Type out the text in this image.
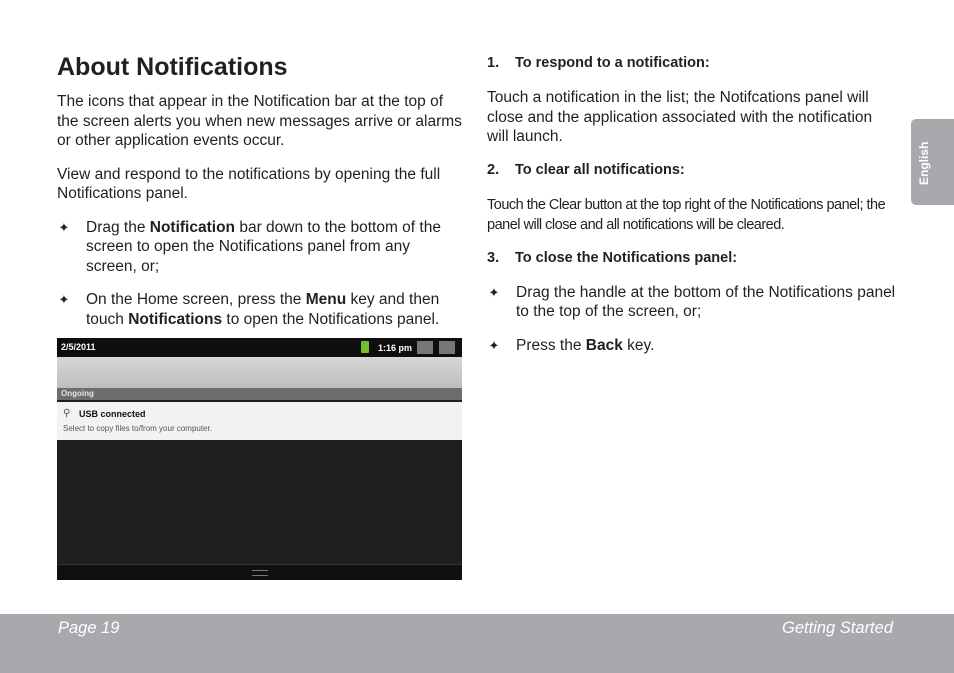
About Notifications

The icons that appear in the Notification bar at the top of the screen alerts you when new messages arrive or alarms or other application events occur.

View and respond to the notifications by opening the full Notifications panel.

✦ Drag the Notification bar down to the bottom of the screen to open the Notifications panel from any screen, or;
✦ On the Home screen, press the Menu key and then touch Notifications to open the Notifications panel.
2/5/2011	1:16 pm
Ongoing
⚲ USB connected
Select to copy files to/from your computer.
1. To respond to a notification:

Touch a notification in the list; the Notifcations panel will close and the application associated with the notification will launch.

2. To clear all notifications:

Touch the Clear button at the top right of the Notifications panel; the panel will close and all notifications will be cleared.

3. To close the Notifications panel:
✦ Drag the handle at the bottom of the Notifications panel to the top of the screen, or;
✦ Press the Back key.
English
Page 19	Getting Started
